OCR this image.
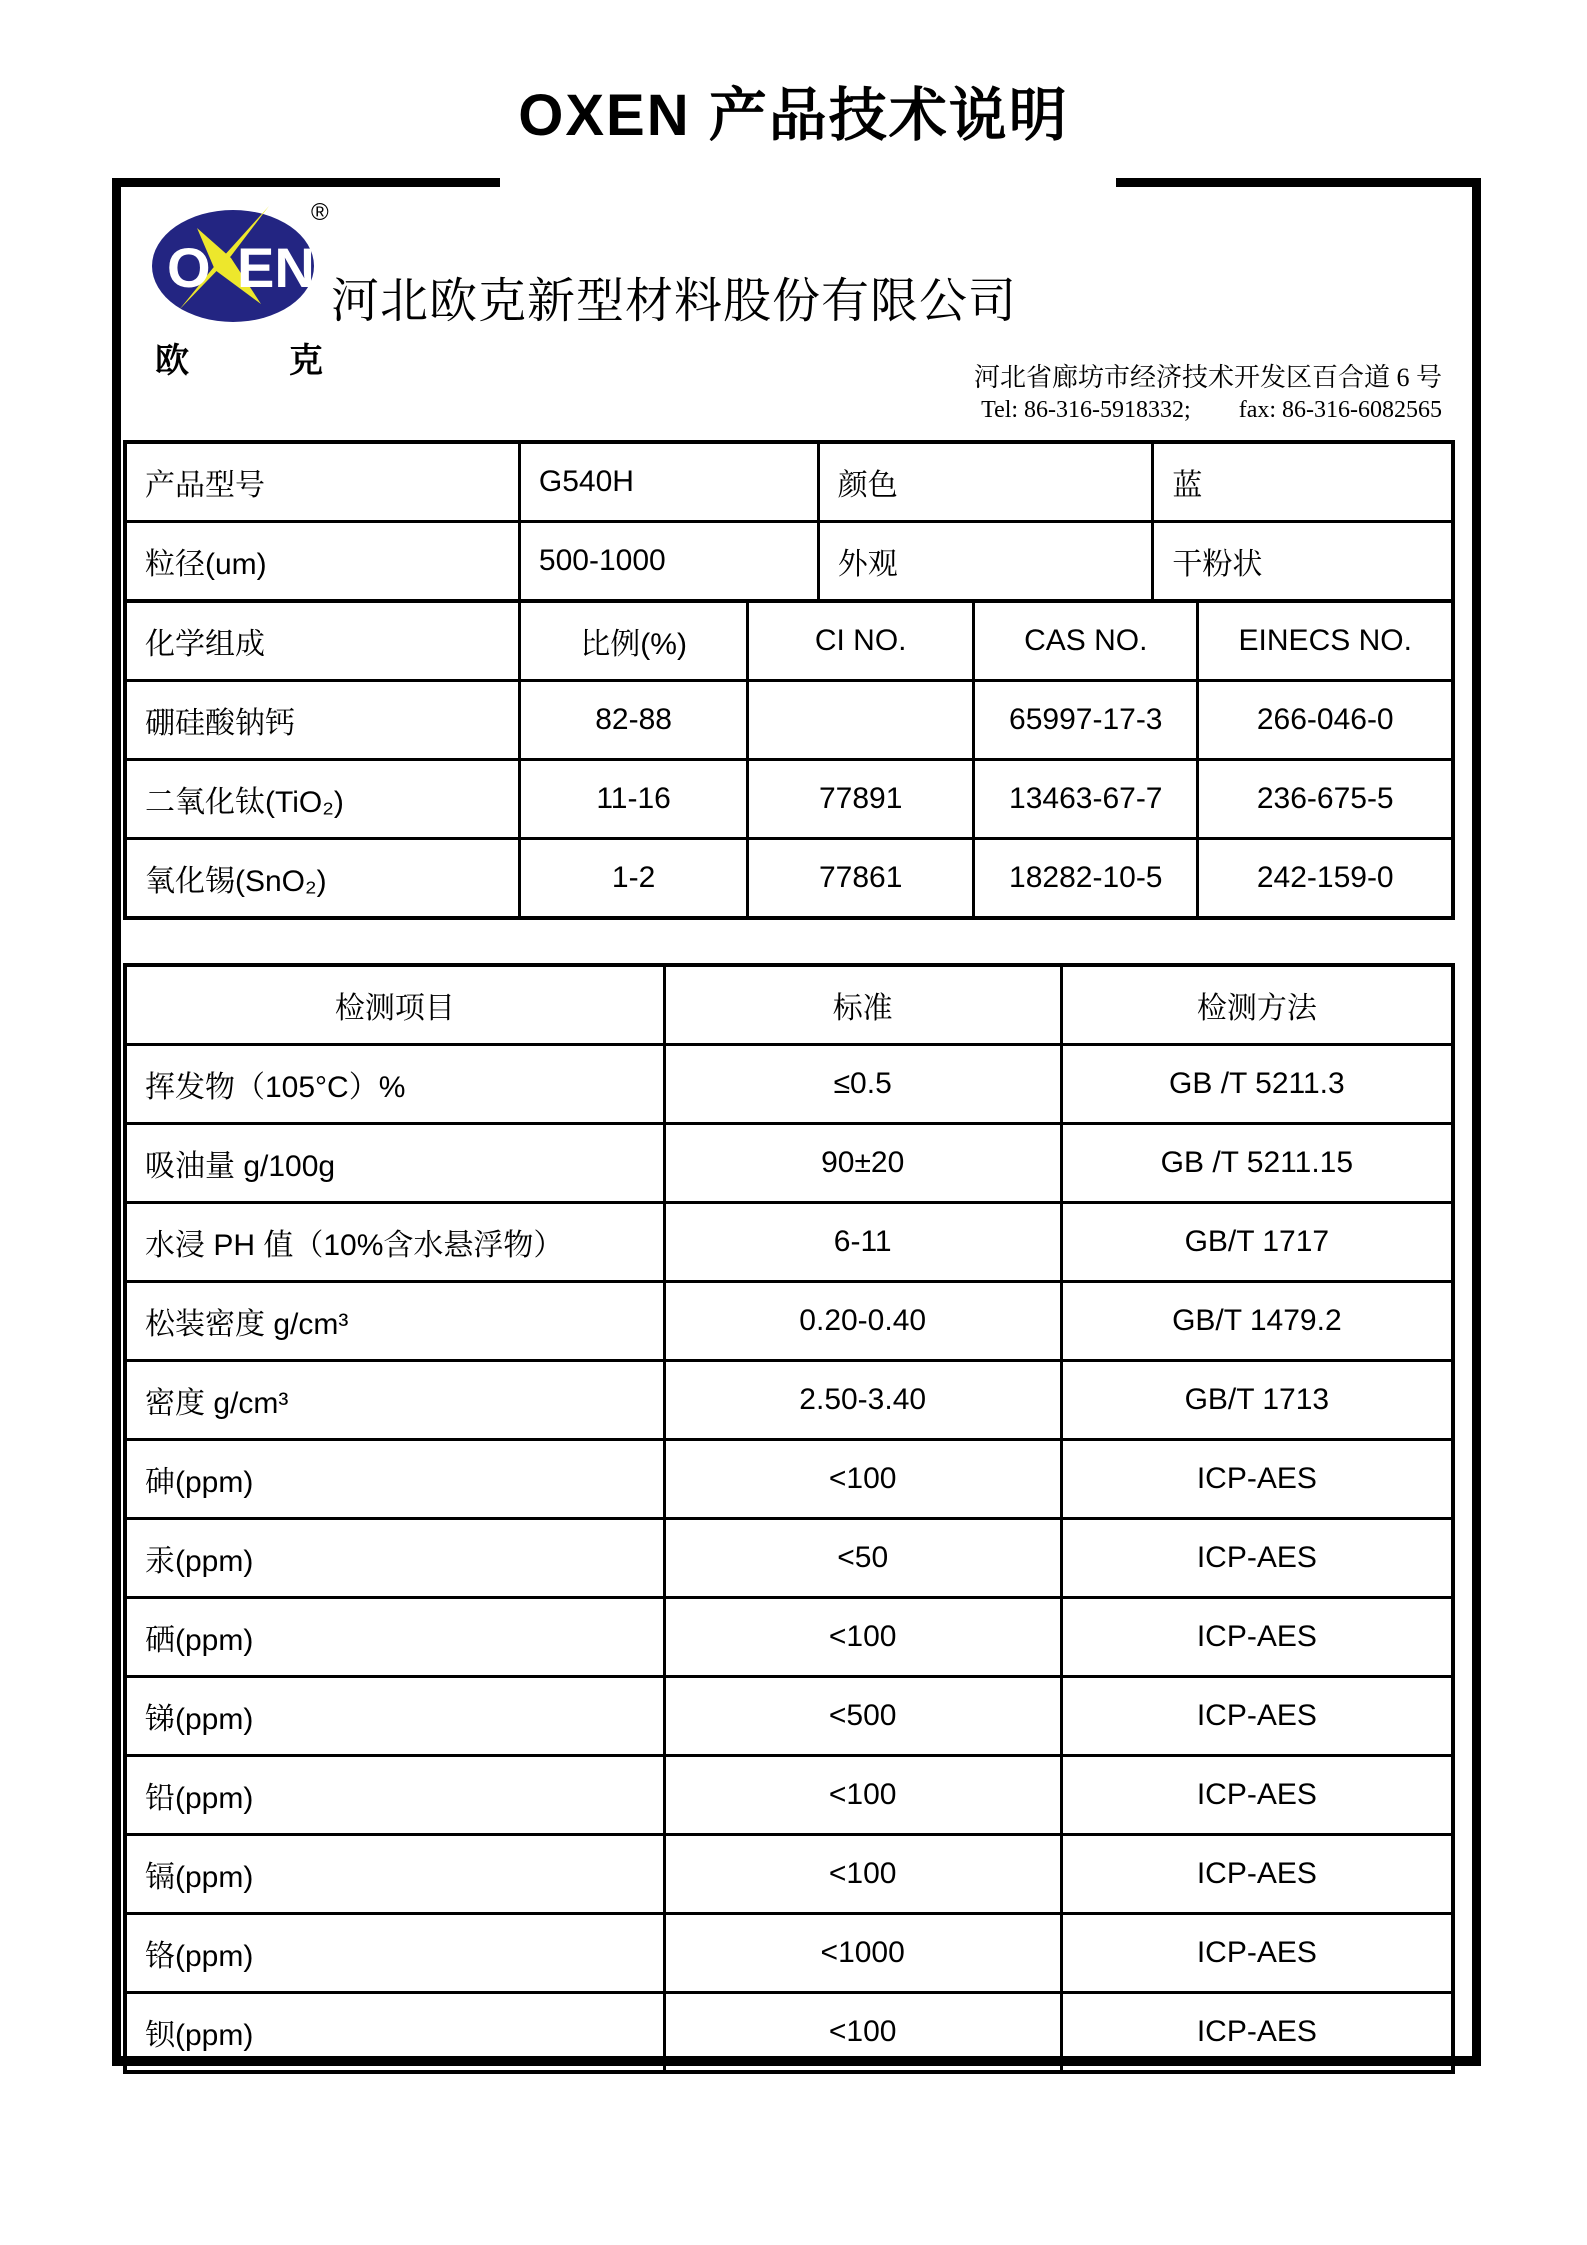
OXEN 产品技术说明
O EN
®
欧	克
河北欧克新型材料股份有限公司
河北省廊坊市经济技术开发区百合道 6 号
Tel: 86-316-5918332; fax: 86-316-6082565
产品型号	G540H	颜色	蓝
粒径(um)	500-1000	外观	干粉状
化学组成	比例(%)	CI NO.	CAS NO.	EINECS NO.
硼硅酸钠钙	82-88		65997-17-3	266-046-0
二氧化钛(TiO₂)	11-16	77891	13463-67-7	236-675-5
氧化锡(SnO₂)	1-2	77861	18282-10-5	242-159-0
检测项目	标准	检测方法
挥发物（105°C）%	≤0.5	GB /T 5211.3
吸油量 g/100g	90±20	GB /T 5211.15
水浸 PH 值（10%含水悬浮物）	6-11	GB/T 1717
松装密度 g/cm³	0.20-0.40	GB/T 1479.2
密度 g/cm³	2.50-3.40	GB/T 1713
砷(ppm)	<100	ICP-AES
汞(ppm)	<50	ICP-AES
硒(ppm)	<100	ICP-AES
锑(ppm)	<500	ICP-AES
铅(ppm)	<100	ICP-AES
镉(ppm)	<100	ICP-AES
铬(ppm)	<1000	ICP-AES
钡(ppm)	<100	ICP-AES
